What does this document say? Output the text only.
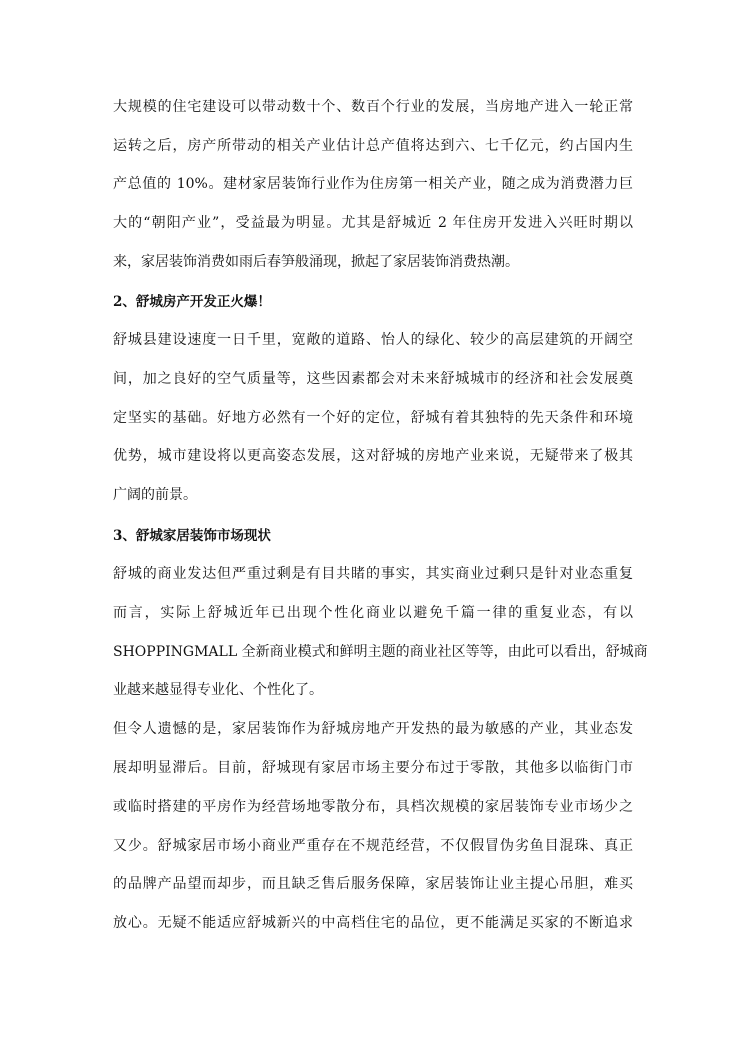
大规模的住宅建设可以带动数十个、数百个行业的发展，当房地产进入一轮正常
运转之后，房产所带动的相关产业估计总产值将达到六、七千亿元，约占国内生
产总值的 10%。建材家居装饰行业作为住房第一相关产业，随之成为消费潜力巨
大的“朝阳产业”，受益最为明显。尤其是舒城近 2 年住房开发进入兴旺时期以
来，家居装饰消费如雨后春笋般涌现，掀起了家居装饰消费热潮。
2、舒城房产开发正火爆！
舒城县建设速度一日千里，宽敞的道路、怡人的绿化、较少的高层建筑的开阔空
间，加之良好的空气质量等，这些因素都会对未来舒城城市的经济和社会发展奠
定坚实的基础。好地方必然有一个好的定位，舒城有着其独特的先天条件和环境
优势，城市建设将以更高姿态发展，这对舒城的房地产业来说，无疑带来了极其
广阔的前景。
3、舒城家居装饰市场现状
舒城的商业发达但严重过剩是有目共睹的事实，其实商业过剩只是针对业态重复
而言，实际上舒城近年已出现个性化商业以避免千篇一律的重复业态，有以
SHOPPINGMALL 全新商业模式和鲜明主题的商业社区等等，由此可以看出，舒城商
业越来越显得专业化、个性化了。
但令人遗憾的是，家居装饰作为舒城房地产开发热的最为敏感的产业，其业态发
展却明显滞后。目前，舒城现有家居市场主要分布过于零散，其他多以临街门市
或临时搭建的平房作为经营场地零散分布，具档次规模的家居装饰专业市场少之
又少。舒城家居市场小商业严重存在不规范经营，不仅假冒伪劣鱼目混珠、真正
的品牌产品望而却步，而且缺乏售后服务保障，家居装饰让业主提心吊胆，难买
放心。无疑不能适应舒城新兴的中高档住宅的品位，更不能满足买家的不断追求
